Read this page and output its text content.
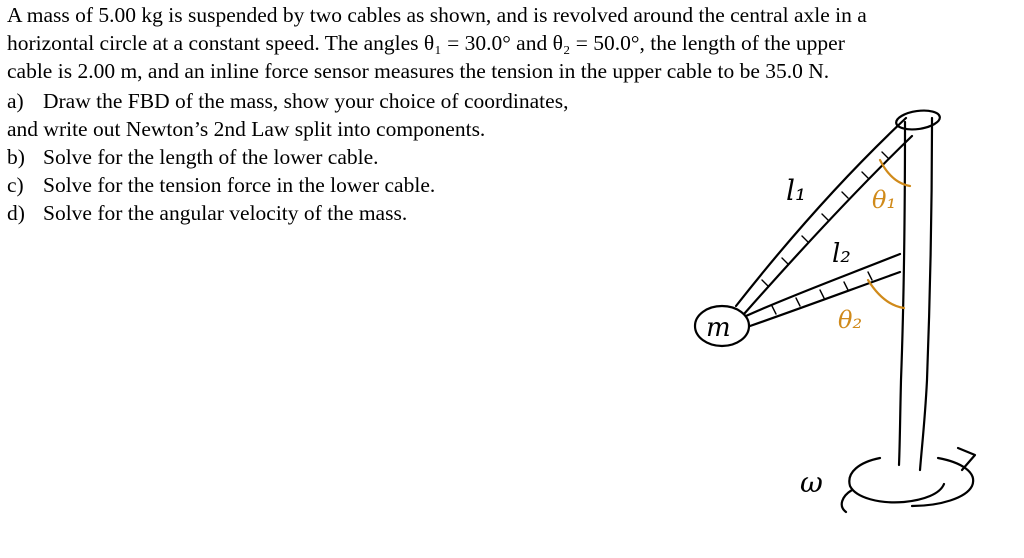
A mass of 5.00 kg is suspended by two cables as shown, and is revolved around the central axle in a
horizontal circle at a constant speed. The angles θ₁ = 30.0° and θ₂ = 50.0°, the length of the upper
cable is 2.00 m, and an inline force sensor measures the tension in the upper cable to be 35.0 N.
a) Draw the FBD of the mass, show your choice of coordinates,
and write out Newton’s 2nd Law split into components.
b) Solve for the length of the lower cable.
c) Solve for the tension force in the lower cable.
d) Solve for the angular velocity of the mass.
l₁
l₂
θ₁
θ₂
m
ω
